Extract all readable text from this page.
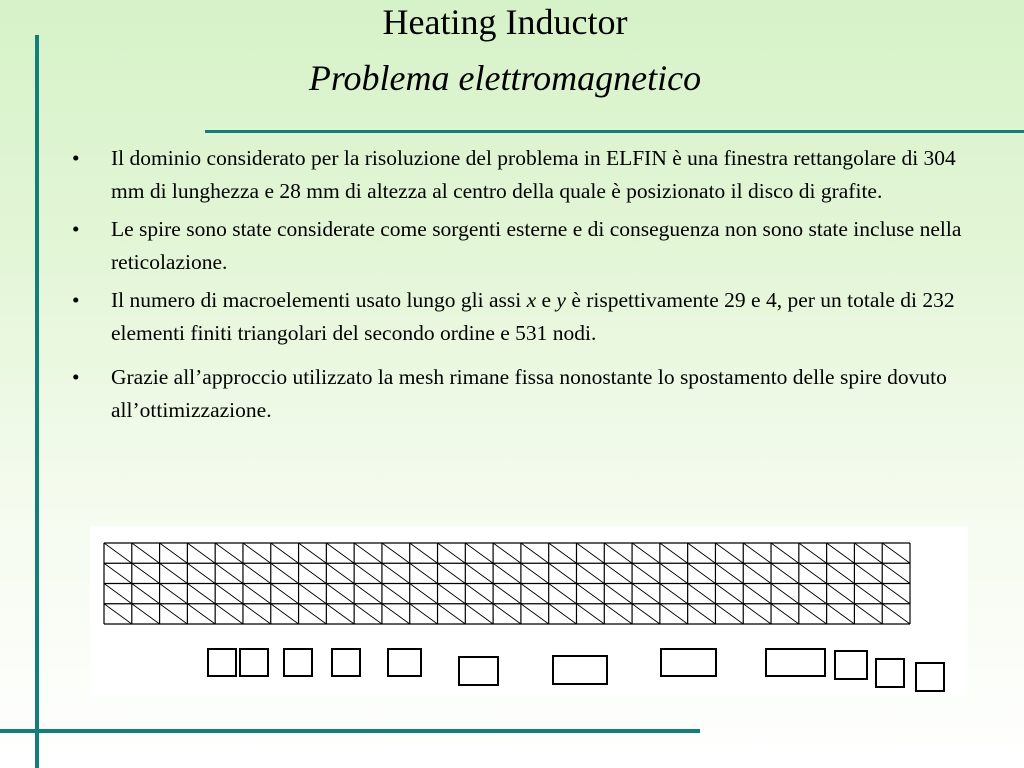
Heating Inductor
Problema elettromagnetico
• Il dominio considerato per la risoluzione del problema in ELFIN è una finestra rettangolare di 304 mm di lunghezza e 28 mm di altezza al centro della quale è posizionato il disco di grafite.
• Le spire sono state considerate come sorgenti esterne e di conseguenza non sono state incluse nella reticolazione.
• Il numero di macroelementi usato lungo gli assi x e y è rispettivamente 29 e 4, per un totale di 232 elementi finiti triangolari del secondo ordine e 531 nodi.
• Grazie all’approccio utilizzato la mesh rimane fissa nonostante lo spostamento delle spire dovuto all’ottimizzazione.
